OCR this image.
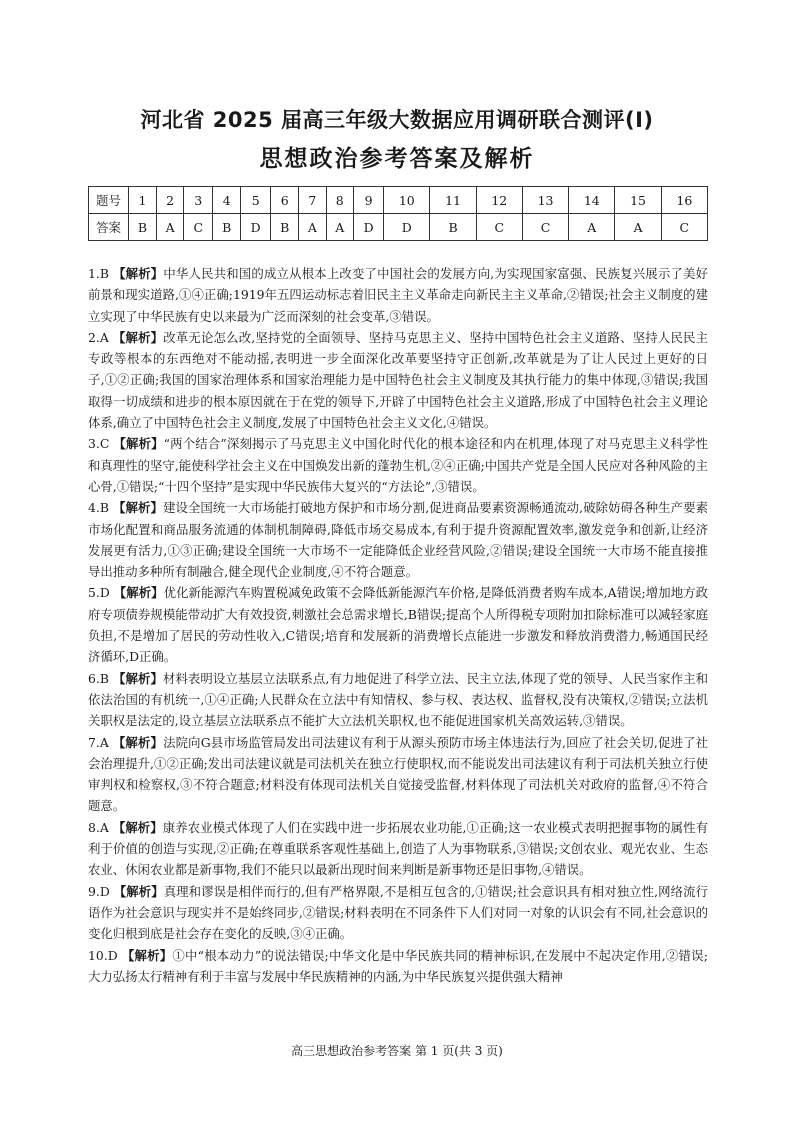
河北省 2025 届高三年级大数据应用调研联合测评(Ⅰ)
思想政治参考答案及解析
题号	1	2	3	4	5	6	7	8	9	10	11	12	13	14	15	16
答案	B	A	C	B	D	B	A	A	D	D	B	C	C	A	A	C

1.B 【解析】中华人民共和国的成立从根本上改变了中国社会的发展方向,为实现国家富强、民族复兴展示了美好前景和现实道路,①④正确;1919年五四运动标志着旧民主主义革命走向新民主主义革命,②错误;社会主义制度的建立实现了中华民族有史以来最为广泛而深刻的社会变革,③错误。

2.A 【解析】改革无论怎么改,坚持党的全面领导、坚持马克思主义、坚持中国特色社会主义道路、坚持人民民主专政等根本的东西绝对不能动摇,表明进一步全面深化改革要坚持守正创新,改革就是为了让人民过上更好的日子,①②正确;我国的国家治理体系和国家治理能力是中国特色社会主义制度及其执行能力的集中体现,③错误;我国取得一切成绩和进步的根本原因就在于在党的领导下,开辟了中国特色社会主义道路,形成了中国特色社会主义理论体系,确立了中国特色社会主义制度,发展了中国特色社会主义文化,④错误。

3.C 【解析】“两个结合”深刻揭示了马克思主义中国化时代化的根本途径和内在机理,体现了对马克思主义科学性和真理性的坚守,能使科学社会主义在中国焕发出新的蓬勃生机,②④正确;中国共产党是全国人民应对各种风险的主心骨,①错误;“十四个坚持”是实现中华民族伟大复兴的“方法论”,③错误。

4.B 【解析】建设全国统一大市场能打破地方保护和市场分割,促进商品要素资源畅通流动,破除妨碍各种生产要素市场化配置和商品服务流通的体制机制障碍,降低市场交易成本,有利于提升资源配置效率,激发竞争和创新,让经济发展更有活力,①③正确;建设全国统一大市场不一定能降低企业经营风险,②错误;建设全国统一大市场不能直接推导出推动多种所有制融合,健全现代企业制度,④不符合题意。

5.D 【解析】优化新能源汽车购置税减免政策不会降低新能源汽车价格,是降低消费者购车成本,A错误;增加地方政府专项债券规模能带动扩大有效投资,刺激社会总需求增长,B错误;提高个人所得税专项附加扣除标准可以减轻家庭负担,不是增加了居民的劳动性收入,C错误;培育和发展新的消费增长点能进一步激发和释放消费潜力,畅通国民经济循环,D正确。

6.B 【解析】材料表明设立基层立法联系点,有力地促进了科学立法、民主立法,体现了党的领导、人民当家作主和依法治国的有机统一,①④正确;人民群众在立法中有知情权、参与权、表达权、监督权,没有决策权,②错误;立法机关职权是法定的,设立基层立法联系点不能扩大立法机关职权,也不能促进国家机关高效运转,③错误。

7.A 【解析】法院向G县市场监管局发出司法建议有利于从源头预防市场主体违法行为,回应了社会关切,促进了社会治理提升,①②正确;发出司法建议就是司法机关在独立行使职权,而不能说发出司法建议有利于司法机关独立行使审判权和检察权,③不符合题意;材料没有体现司法机关自觉接受监督,材料体现了司法机关对政府的监督,④不符合题意。

8.A 【解析】康养农业模式体现了人们在实践中进一步拓展农业功能,①正确;这一农业模式表明把握事物的属性有利于价值的创造与实现,②正确;在尊重联系客观性基础上,创造了人为事物联系,③错误;文创农业、观光农业、生态农业、休闲农业都是新事物,我们不能只以最新出现时间来判断是新事物还是旧事物,④错误。

9.D 【解析】真理和谬误是相伴而行的,但有严格界限,不是相互包含的,①错误;社会意识具有相对独立性,网络流行语作为社会意识与现实并不是始终同步,②错误;材料表明在不同条件下人们对同一对象的认识会有不同,社会意识的变化归根到底是社会存在变化的反映,③④正确。

10.D 【解析】①中“根本动力”的说法错误;中华文化是中华民族共同的精神标识,在发展中不起决定作用,②错误;大力弘扬太行精神有利于丰富与发展中华民族精神的内涵,为中华民族复兴提供强大精神

高三思想政治参考答案 第 1 页(共 3 页)
